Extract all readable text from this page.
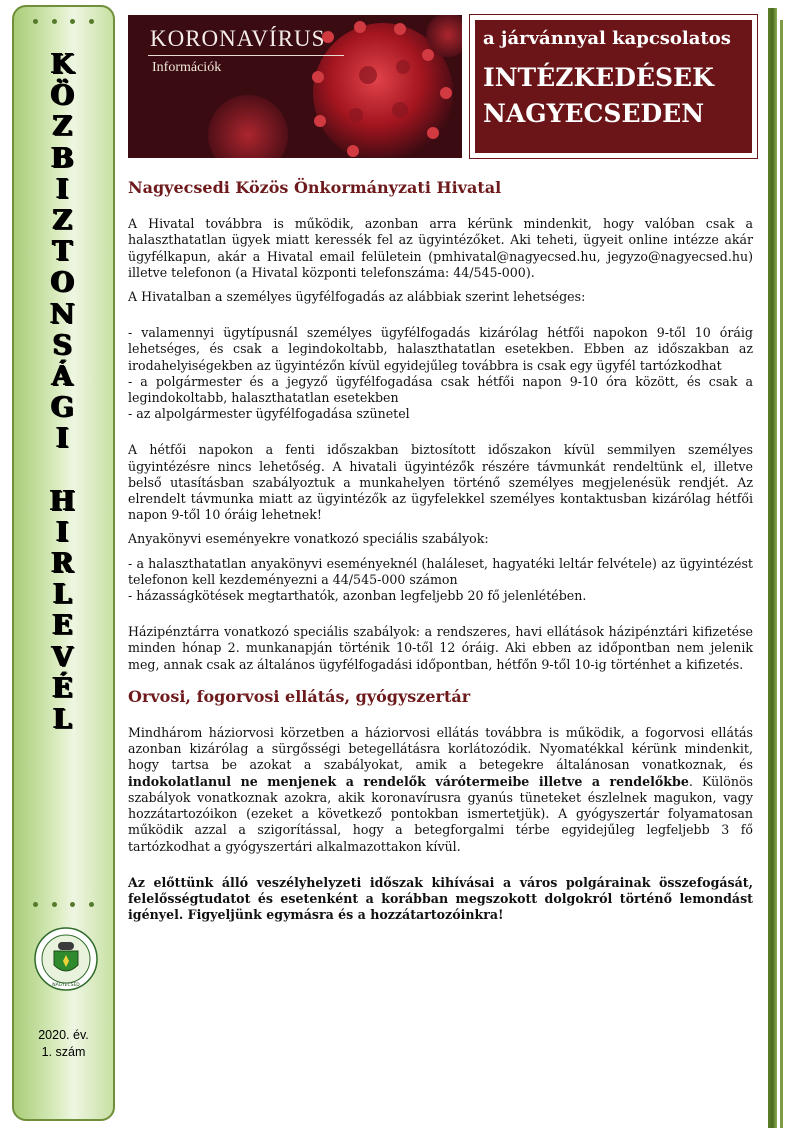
K
Ö
Z
B
I
Z
T
O
N
S
Á
G
I
H
I
R
L
E
V
É
L
NAGYECSED
2020. év.
1. szám
KORONAVÍRUS
Információk
a járvánnyal kapcsolatos
INTÉZKEDÉSEK
NAGYECSEDEN

Nagyecsedi Közös Önkormányzati Hivatal

A Hivatal továbbra is működik, azonban arra kérünk mindenkit, hogy valóban csak a halaszthatatlan ügyek miatt keressék fel az ügyintézőket. Aki teheti, ügyeit online intézze akár ügyfélkapun, akár a Hivatal email felületein (pmhivatal@nagyecsed.hu, jegyzo@nagyecsed.hu) illetve telefonon (a Hivatal központi telefonszáma: 44/545-000).

A Hivatalban a személyes ügyfélfogadás az alábbiak szerint lehetséges:

- valamennyi ügytípusnál személyes ügyfélfogadás kizárólag hétfői napokon 9-től 10 óráig lehetséges, és csak a legindokoltabb, halaszthatatlan esetekben. Ebben az időszakban az irodahelyiségekben az ügyintézőn kívül egyidejűleg továbbra is csak egy ügyfél tartózkodhat

- a polgármester és a jegyző ügyfélfogadása csak hétfői napon 9-10 óra között, és csak a legindokoltabb, halaszthatatlan esetekben

- az alpolgármester ügyfélfogadása szünetel

A hétfői napokon a fenti időszakban biztosított időszakon kívül semmilyen személyes ügyintézésre nincs lehetőség. A hivatali ügyintézők részére távmunkát rendeltünk el, illetve belső utasításban szabályoztuk a munkahelyen történő személyes megjelenésük rendjét. Az elrendelt távmunka miatt az ügyintézők az ügyfelekkel személyes kontaktusban kizárólag hétfői napon 9-től 10 óráig lehetnek!

Anyakönyvi eseményekre vonatkozó speciális szabályok:

- a halaszthatatlan anyakönyvi eseményeknél (haláleset, hagyatéki leltár felvétele) az ügyintézést telefonon kell kezdeményezni a 44/545-000 számon

- házasságkötések megtarthatók, azonban legfeljebb 20 fő jelenlétében.

Házipénztárra vonatkozó speciális szabályok: a rendszeres, havi ellátások házipénztári kifizetése minden hónap 2. munkanapján történik 10-től 12 óráig. Aki ebben az időpontban nem jelenik meg, annak csak az általános ügyfélfogadási időpontban, hétfőn 9-től 10-ig történhet a kifizetés.

Orvosi, fogorvosi ellátás, gyógyszertár

Mindhárom háziorvosi körzetben a háziorvosi ellátás továbbra is működik, a fogorvosi ellátás azonban kizárólag a sürgősségi betegellátásra korlátozódik. Nyomatékkal kérünk mindenkit, hogy tartsa be azokat a szabályokat, amik a betegekre általánosan vonatkoznak, és indokolatlanul ne menjenek a rendelők várótermeibe illetve a rendelőkbe. Különös szabályok vonatkoznak azokra, akik koronavírusra gyanús tüneteket észlelnek magukon, vagy hozzátartozóikon (ezeket a következő pontokban ismertetjük). A gyógyszertár folyamatosan működik azzal a szigorítással, hogy a betegforgalmi térbe egyidejűleg legfeljebb 3 fő tartózkodhat a gyógyszertári alkalmazottakon kívül.

Az előttünk álló veszélyhelyzeti időszak kihívásai a város polgárainak összefogását, felelősségtudatot és esetenként a korábban megszokott dolgokról történő lemondást igényel. Figyeljünk egymásra és a hozzátartozóinkra!
